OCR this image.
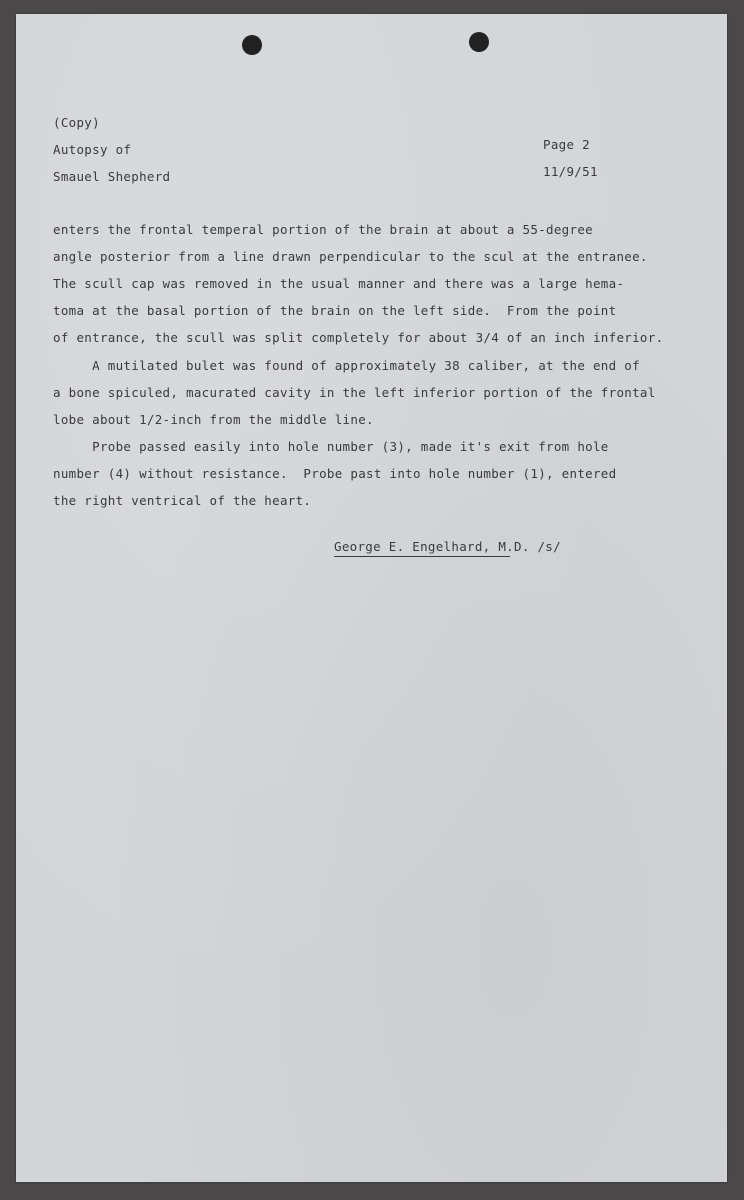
(Copy)
Autopsy of
Smauel Shepherd
Page 2
11/9/51
enters the frontal temperal portion of the brain at about a 55-degree
angle posterior from a line drawn perpendicular to the scul at the entranee.
The scull cap was removed in the usual manner and there was a large hema-
toma at the basal portion of the brain on the left side.  From the point
of entrance, the scull was split completely for about 3/4 of an inch inferior.
A mutilated bulet was found of approximately 38 caliber, at the end of
a bone spiculed, macurated cavity in the left inferior portion of the frontal
lobe about 1/2-inch from the middle line.
Probe passed easily into hole number (3), made it's exit from hole
number (4) without resistance.  Probe past into hole number (1), entered
the right ventrical of the heart.
George E. Engelhard, M.D. /s/
